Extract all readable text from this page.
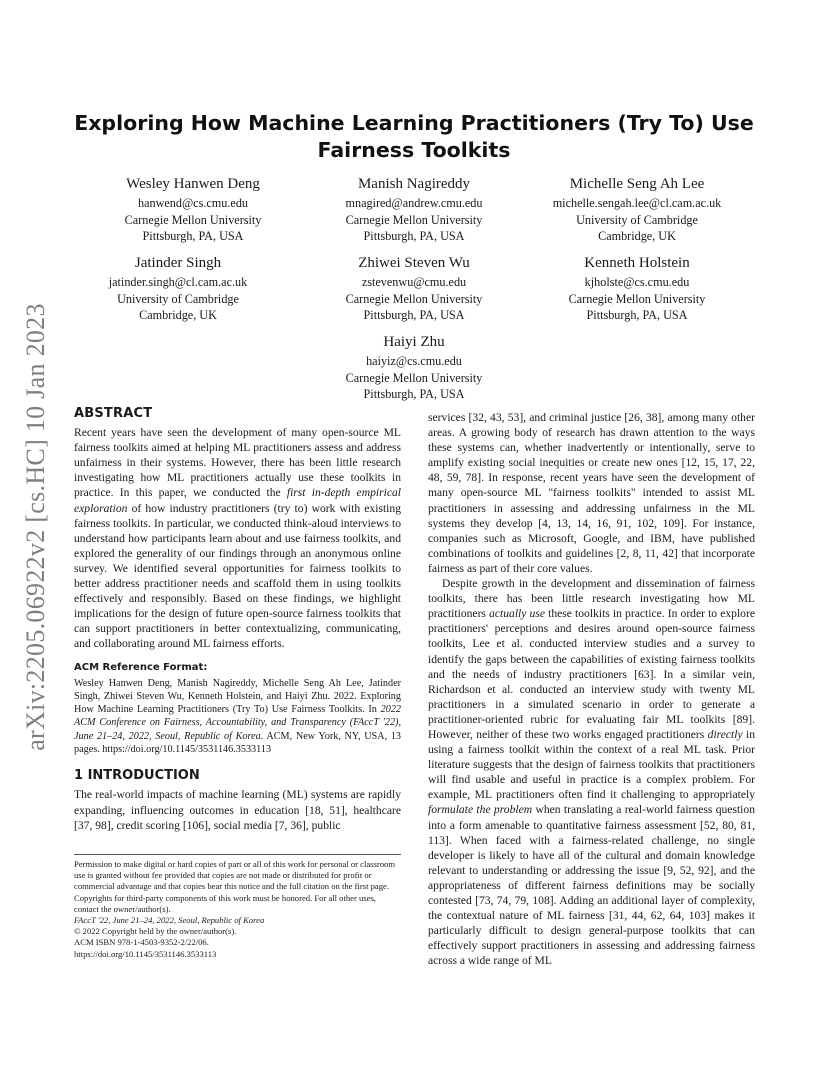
arXiv:2205.06922v2 [cs.HC] 10 Jan 2023
Exploring How Machine Learning Practitioners (Try To) Use
Fairness Toolkits
Wesley Hanwen Deng
hanwend@cs.cmu.edu
Carnegie Mellon University
Pittsburgh, PA, USA
Manish Nagireddy
mnagired@andrew.cmu.edu
Carnegie Mellon University
Pittsburgh, PA, USA
Michelle Seng Ah Lee
michelle.sengah.lee@cl.cam.ac.uk
University of Cambridge
Cambridge, UK
Jatinder Singh
jatinder.singh@cl.cam.ac.uk
University of Cambridge
Cambridge, UK
Zhiwei Steven Wu
zstevenwu@cmu.edu
Carnegie Mellon University
Pittsburgh, PA, USA
Kenneth Holstein
kjholste@cs.cmu.edu
Carnegie Mellon University
Pittsburgh, PA, USA
Haiyi Zhu
haiyiz@cs.cmu.edu
Carnegie Mellon University
Pittsburgh, PA, USA
ABSTRACT

Recent years have seen the development of many open-source ML fairness toolkits aimed at helping ML practitioners assess and address unfairness in their systems. However, there has been little research investigating how ML practitioners actually use these toolkits in practice. In this paper, we conducted the first in-depth empirical exploration of how industry practitioners (try to) work with existing fairness toolkits. In particular, we conducted think-aloud interviews to understand how participants learn about and use fairness toolkits, and explored the generality of our findings through an anonymous online survey. We identified several opportunities for fairness toolkits to better address practitioner needs and scaffold them in using toolkits effectively and responsibly. Based on these findings, we highlight implications for the design of future open-source fairness toolkits that can support practitioners in better contextualizing, communicating, and collaborating around ML fairness efforts.

ACM Reference Format:

Wesley Hanwen Deng, Manish Nagireddy, Michelle Seng Ah Lee, Jatinder Singh, Zhiwei Steven Wu, Kenneth Holstein, and Haiyi Zhu. 2022. Exploring How Machine Learning Practitioners (Try To) Use Fairness Toolkits. In 2022 ACM Conference on Fairness, Accountability, and Transparency (FAccT '22), June 21–24, 2022, Seoul, Republic of Korea. ACM, New York, NY, USA, 13 pages. https://doi.org/10.1145/3531146.3533113

1 INTRODUCTION

The real-world impacts of machine learning (ML) systems are rapidly expanding, influencing outcomes in education [18, 51], healthcare [37, 98], credit scoring [106], social media [7, 36], public

Permission to make digital or hard copies of part or all of this work for personal or classroom use is granted without fee provided that copies are not made or distributed for profit or commercial advantage and that copies bear this notice and the full citation on the first page. Copyrights for third-party components of this work must be honored. For all other uses, contact the owner/author(s).
FAccT '22, June 21–24, 2022, Seoul, Republic of Korea
© 2022 Copyright held by the owner/author(s).
ACM ISBN 978-1-4503-9352-2/22/06.
https://doi.org/10.1145/3531146.3533113

services [32, 43, 53], and criminal justice [26, 38], among many other areas. A growing body of research has drawn attention to the ways these systems can, whether inadvertently or intentionally, serve to amplify existing social inequities or create new ones [12, 15, 17, 22, 48, 59, 78]. In response, recent years have seen the development of many open-source ML "fairness toolkits" intended to assist ML practitioners in assessing and addressing unfairness in the ML systems they develop [4, 13, 14, 16, 91, 102, 109]. For instance, companies such as Microsoft, Google, and IBM, have published combinations of toolkits and guidelines [2, 8, 11, 42] that incorporate fairness as part of their core values.

Despite growth in the development and dissemination of fairness toolkits, there has been little research investigating how ML practitioners actually use these toolkits in practice. In order to explore practitioners' perceptions and desires around open-source fairness toolkits, Lee et al. conducted interview studies and a survey to identify the gaps between the capabilities of existing fairness toolkits and the needs of industry practitioners [63]. In a similar vein, Richardson et al. conducted an interview study with twenty ML practitioners in a simulated scenario in order to generate a practitioner-oriented rubric for evaluating fair ML toolkits [89]. However, neither of these two works engaged practitioners directly in using a fairness toolkit within the context of a real ML task. Prior literature suggests that the design of fairness toolkits that practitioners will find usable and useful in practice is a complex problem. For example, ML practitioners often find it challenging to appropriately formulate the problem when translating a real-world fairness question into a form amenable to quantitative fairness assessment [52, 80, 81, 113]. When faced with a fairness-related challenge, no single developer is likely to have all of the cultural and domain knowledge relevant to understanding or addressing the issue [9, 52, 92], and the appropriateness of different fairness definitions may be socially contested [73, 74, 79, 108]. Adding an additional layer of complexity, the contextual nature of ML fairness [31, 44, 62, 64, 103] makes it particularly difficult to design general-purpose toolkits that can effectively support practitioners in assessing and addressing fairness across a wide range of ML
